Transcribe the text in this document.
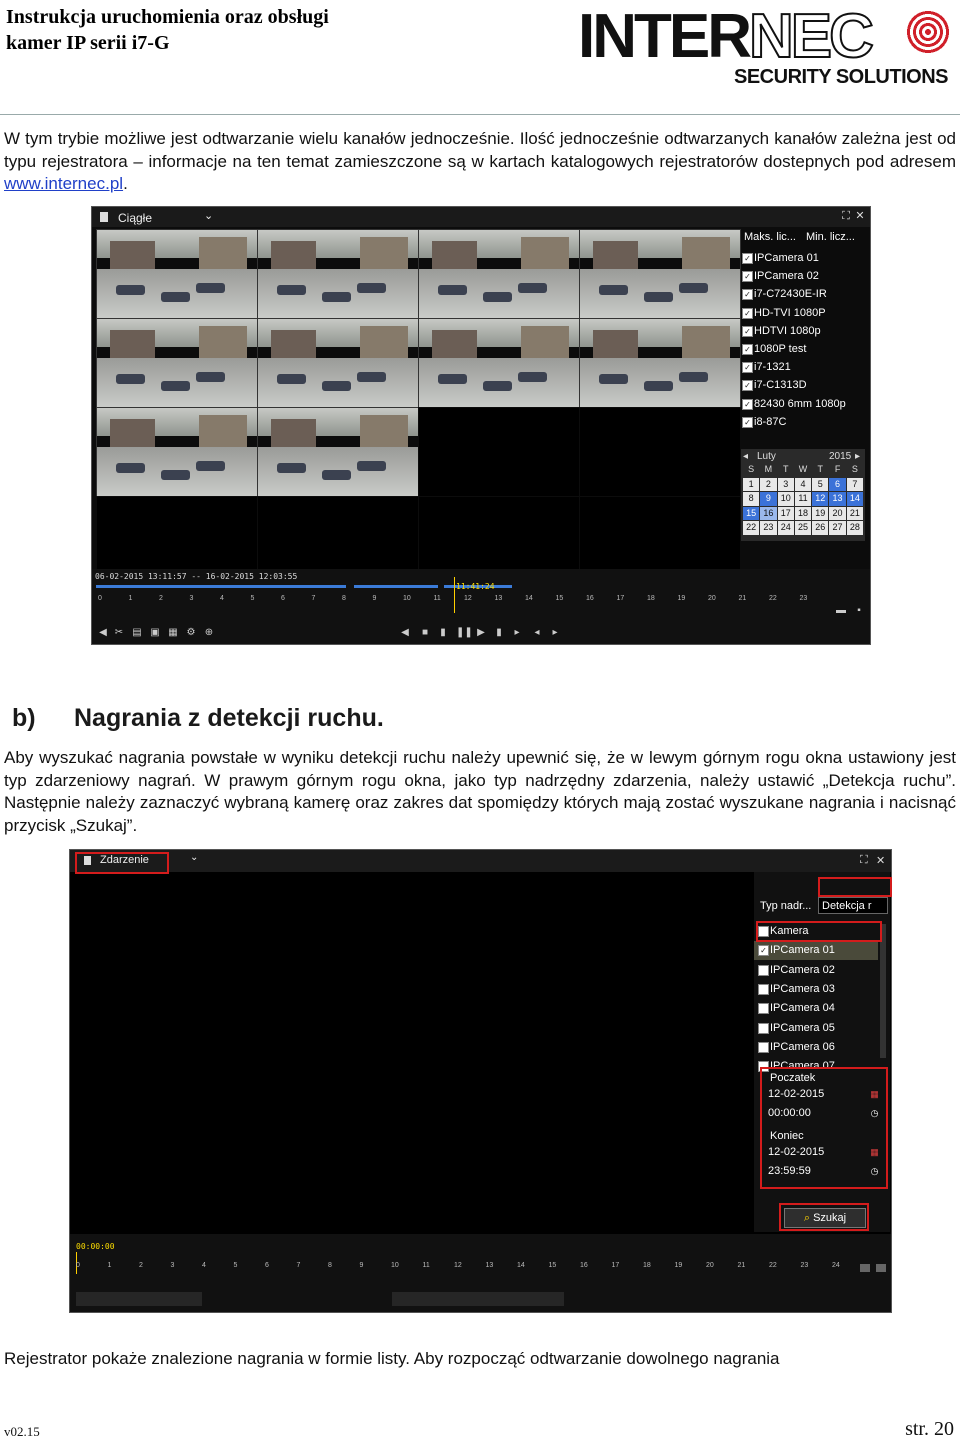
Instrukcja uruchomienia oraz obsługi
kamer IP serii i7-G	INTERNEC
SECURITY SOLUTIONS
W tym trybie możliwe jest odtwarzanie wielu kanałów jednocześnie. Ilość jednocześnie odtwarzanych kanałów zależna jest od typu rejestratora – informacje na ten temat zamieszczone są w kartach katalogowych rejestratorów dostepnych pod adresem www.internec.pl.
Ciągłe	⌄	⛶ ✕
Maks. lic... Min. licz...
✓ IPCamera 01
✓ IPCamera 02
✓ i7-C72430E-IR
✓ HD-TVI 1080P
✓ HDTVI 1080p
✓ 1080P test
✓ i7-1321
✓ i7-C1313D
✓ 82430 6mm 1080p
✓ i8-87C
◂ Luty	2015 ▸
S	M	T	W	T	F	S
1	2	3	4	5	6	7
8	9	10 11 12 13 14
15 16 17 18 19 20 21
22 23 24 25 26 27 28
06-02-2015 13:11:57 -- 16-02-2015 12:03:55
11:41:24
0	1	2	3	4	5	6	7	8	9	10	11	12	13	14	15	16	17	18	19	20	21	22	23
◀ ✂ ▤ ▣ ▦ ⚙ ⊕	◀ ■ ▮ ❚❚ ▶ ▮ ▸ ◂ ▸
▬	▪
b) Nagrania z detekcji ruchu.
Aby wyszukać nagrania powstałe w wyniku detekcji ruchu należy upewnić się, że w lewym górnym rogu okna ustawiony jest typ zdarzeniowy nagrań. W prawym górnym rogu okna, jako typ nadrzędny zdarzenia, należy ustawić „Detekcja ruchu”. Następnie należy zaznaczyć wybraną kamerę oraz zakres dat spomiędzy których mają zostać wyszukane nagrania i nacisnąć przycisk „Szukaj”.
Zdarzenie	⌄	⛶ ✕
Typ nadr... Detekcja r
Kamera
✓ IPCamera 01
IPCamera 02
IPCamera 03
IPCamera 04
IPCamera 05
IPCamera 06
IPCamera 07
Poczatek
12-02-2015	▦
00:00:00	◷
Koniec
12-02-2015	▦
23:59:59	◷
⌕ Szukaj
00:00:00
0	1	2	3	4	5	6	7	8	9	10	11	12	13	14	15	16	17	18	19	20	21	22	23	24
Rejestrator pokaże znalezione nagrania w formie listy. Aby rozpocząć odtwarzanie dowolnego nagrania
v02.15	str. 20
